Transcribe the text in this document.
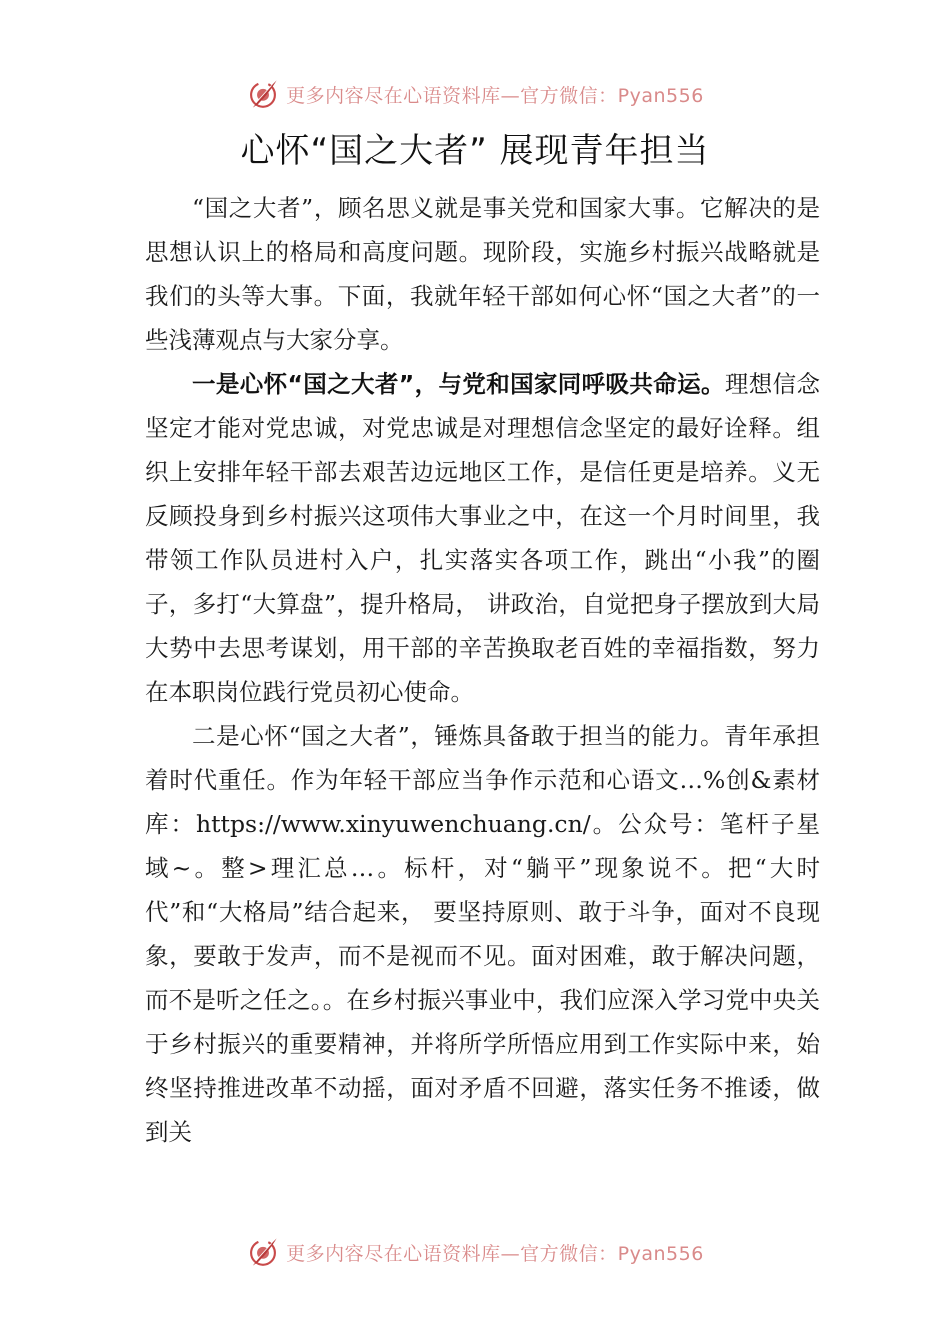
更多内容尽在心语资料库—官方微信：Pyan556
心怀“国之大者” 展现青年担当

“国之大者”，顾名思义就是事关党和国家大事。它解决的是思想认识上的格局和高度问题。现阶段，实施乡村振兴战略就是我们的头等大事。下面，我就年轻干部如何心怀“国之大者”的一些浅薄观点与大家分享。

一是心怀“国之大者”，与党和国家同呼吸共命运。理想信念坚定才能对党忠诚，对党忠诚是对理想信念坚定的最好诠释。组织上安排年轻干部去艰苦边远地区工作，是信任更是培养。义无反顾投身到乡村振兴这项伟大事业之中，在这一个月时间里，我带领工作队员进村入户，扎实落实各项工作，跳出“小我”的圈子，多打“大算盘”，提升格局， 讲政治，自觉把身子摆放到大局大势中去思考谋划，用干部的辛苦换取老百姓的幸福指数，努力在本职岗位践行党员初心使命。

二是心怀“国之大者”，锤炼具备敢于担当的能力。青年承担着时代重任。作为年轻干部应当争作示范和心语文…%创&素材库：https://www.xinyuwenchuang.cn/。公众号：笔杆子星域~。整>理汇总…。标杆，对“躺平”现象说不。把“大时代”和“大格局”结合起来， 要坚持原则、敢于斗争，面对不良现象，要敢于发声，而不是视而不见。面对困难，敢于解决问题，而不是听之任之。。在乡村振兴事业中，我们应深入学习党中央关于乡村振兴的重要精神，并将所学所悟应用到工作实际中来，始终坚持推进改革不动摇，面对矛盾不回避，落实任务不推诿，做到关

更多内容尽在心语资料库—官方微信：Pyan556
